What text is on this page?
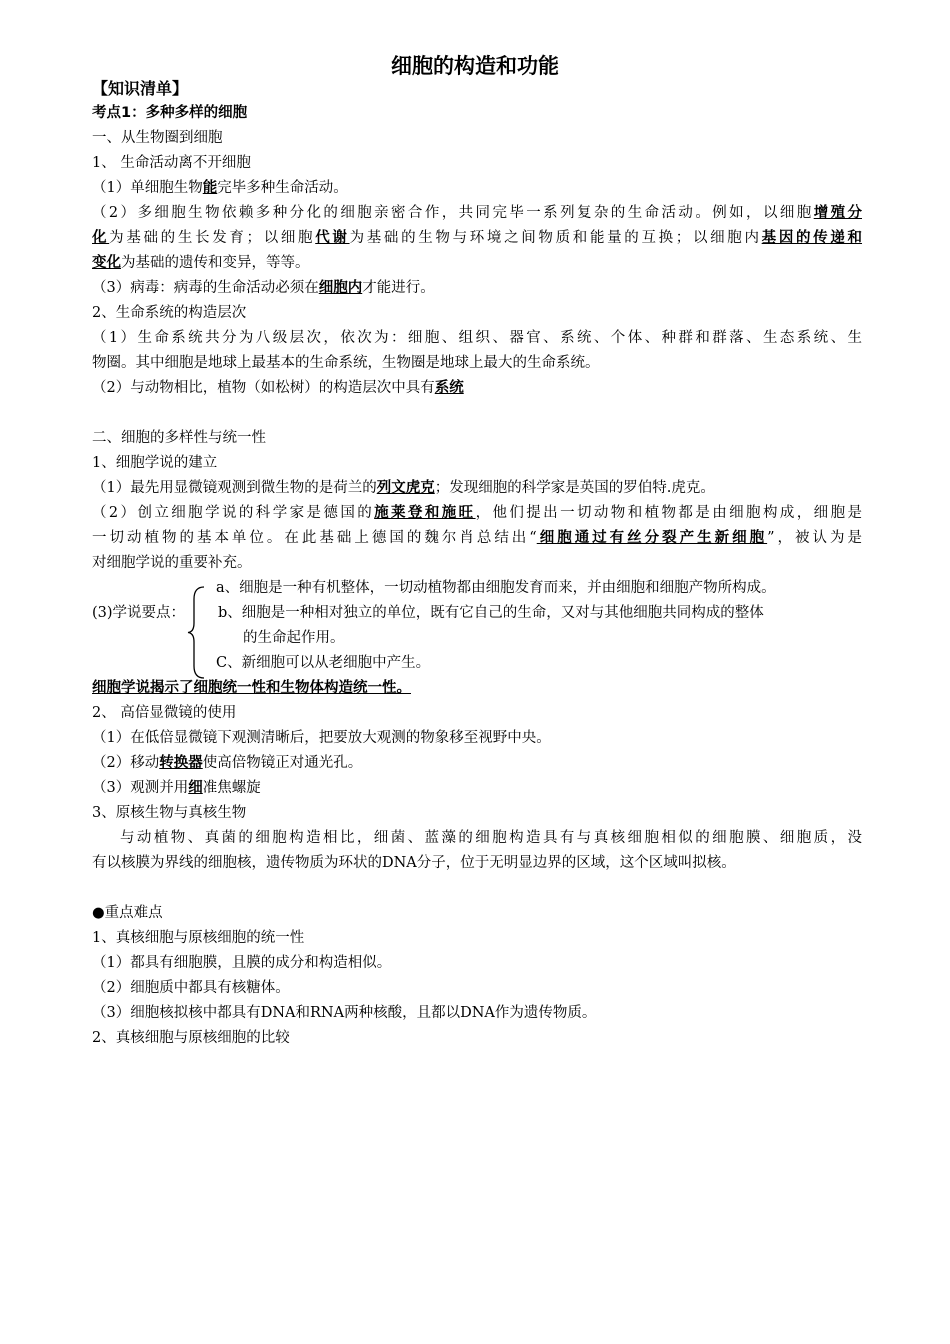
细胞的构造和功能
【知识清单】
考点1：多种多样的细胞
一、从生物圈到细胞
1、 生命活动离不开细胞
（1）单细胞生物能完毕多种生命活动。
（2）多细胞生物依赖多种分化的细胞亲密合作，共同完毕一系列复杂的生命活动。例如，以细胞增殖分
化为基础的生长发育；以细胞代谢为基础的生物与环境之间物质和能量的互换；以细胞内基因的传递和
变化为基础的遗传和变异，等等。
（3）病毒：病毒的生命活动必须在细胞内才能进行。
2、生命系统的构造层次
（1）生命系统共分为八级层次，依次为：细胞、组织、器官、系统、个体、种群和群落、生态系统、生
物圈。其中细胞是地球上最基本的生命系统，生物圈是地球上最大的生命系统。
（2）与动物相比，植物（如松树）的构造层次中具有系统
二、细胞的多样性与统一性
1、细胞学说的建立
（1）最先用显微镜观测到微生物的是荷兰的列文虎克；发现细胞的科学家是英国的罗伯特.虎克。
（2）创立细胞学说的科学家是德国的施莱登和施旺，他们提出一切动物和植物都是由细胞构成，细胞是
一切动植物的基本单位。在此基础上德国的魏尔肖总结出“细胞通过有丝分裂产生新细胞”，被认为是
对细胞学说的重要补充。
a、细胞是一种有机整体，一切动植物都由细胞发育而来，并由细胞和细胞产物所构成。
(3)学说要点：	b、细胞是一种相对独立的单位，既有它自己的生命，又对与其他细胞共同构成的整体
的生命起作用。
C、新细胞可以从老细胞中产生。
细胞学说揭示了细胞统一性和生物体构造统一性。
2、 高倍显微镜的使用
（1）在低倍显微镜下观测清晰后，把要放大观测的物象移至视野中央。
（2）移动转换器使高倍物镜正对通光孔。
（3）观测并用细准焦螺旋
3、原核生物与真核生物
与动植物、真菌的细胞构造相比，细菌、蓝藻的细胞构造具有与真核细胞相似的细胞膜、细胞质，没
有以核膜为界线的细胞核，遗传物质为环状的DNA分子，位于无明显边界的区域，这个区域叫拟核。
●重点难点
1、真核细胞与原核细胞的统一性
（1）都具有细胞膜，且膜的成分和构造相似。
（2）细胞质中都具有核糖体。
（3）细胞核拟核中都具有DNA和RNA两种核酸，且都以DNA作为遗传物质。
2、真核细胞与原核细胞的比较
